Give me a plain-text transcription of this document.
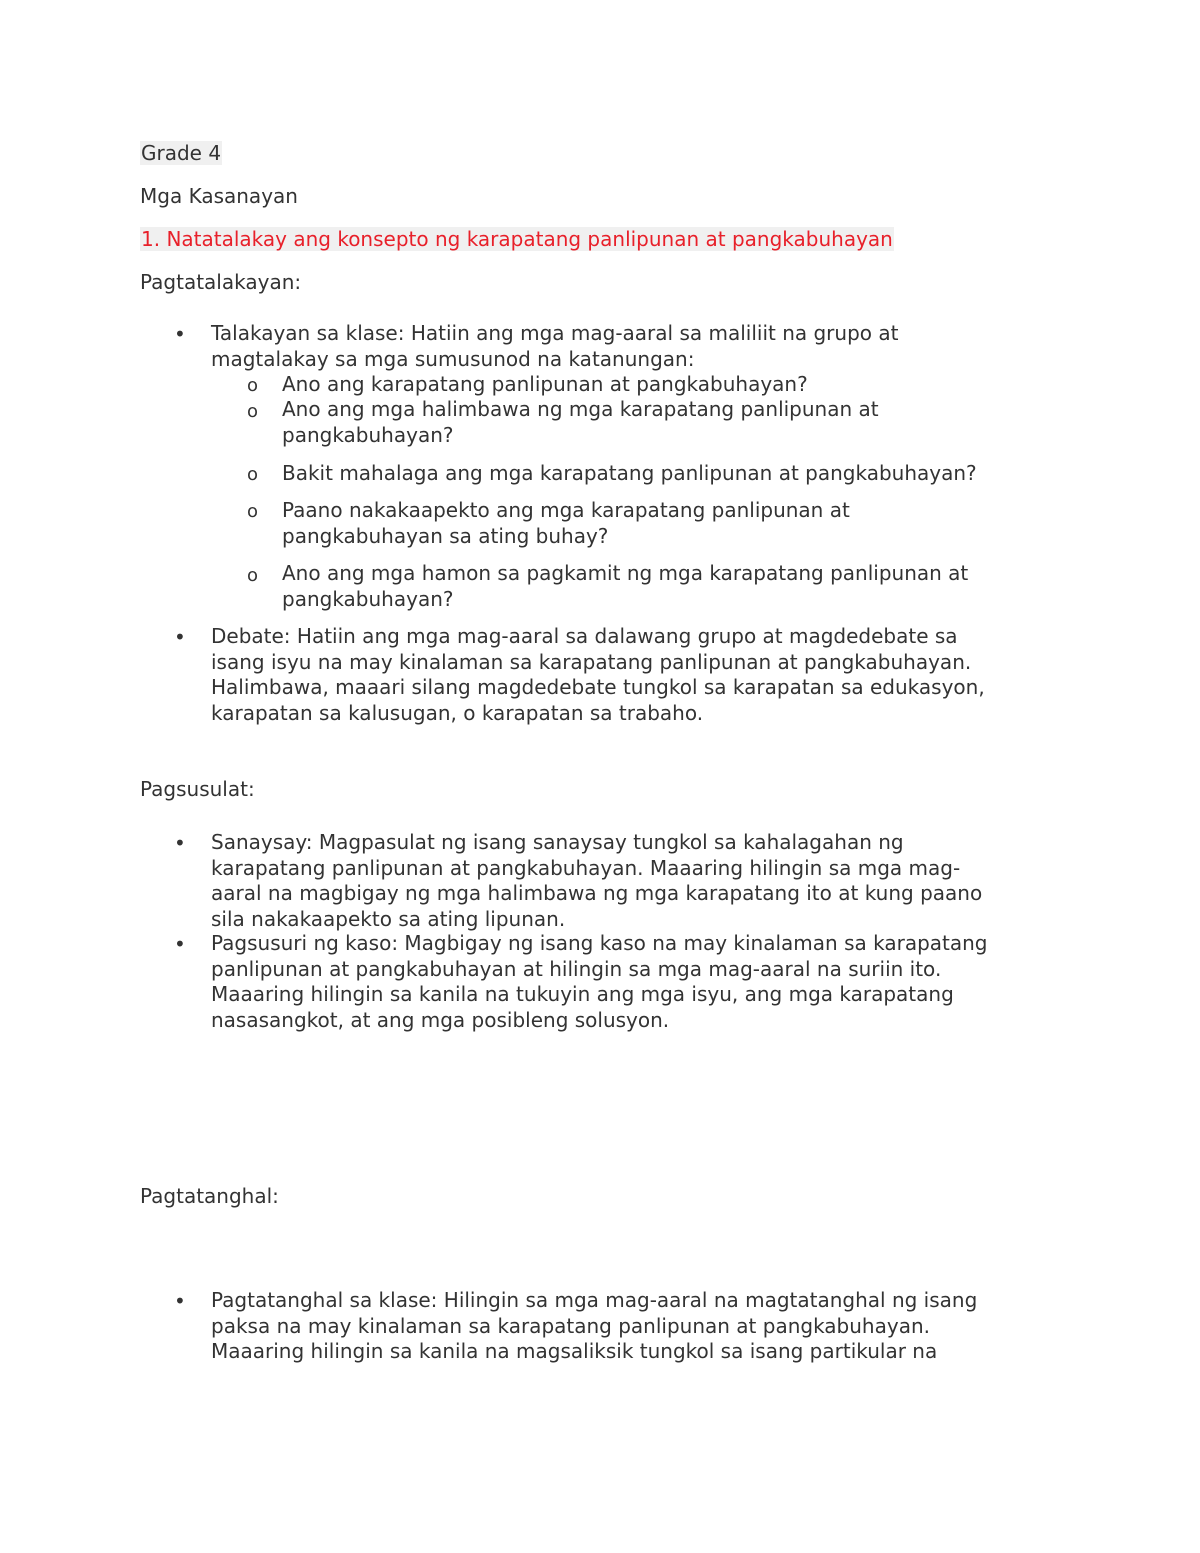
Grade 4

Mga Kasanayan

1. Natatalakay ang konsepto ng karapatang panlipunan at pangkabuhayan

Pagtatalakayan:

• Talakayan sa klase: Hatiin ang mga mag-aaral sa maliliit na grupo at
magtalakay sa mga sumusunod na katanungan:
o Ano ang karapatang panlipunan at pangkabuhayan?
o Ano ang mga halimbawa ng mga karapatang panlipunan at
pangkabuhayan?
o Bakit mahalaga ang mga karapatang panlipunan at pangkabuhayan?
o Paano nakakaapekto ang mga karapatang panlipunan at
pangkabuhayan sa ating buhay?
o Ano ang mga hamon sa pagkamit ng mga karapatang panlipunan at
pangkabuhayan?
• Debate: Hatiin ang mga mag-aaral sa dalawang grupo at magdedebate sa
isang isyu na may kinalaman sa karapatang panlipunan at pangkabuhayan.
Halimbawa, maaari silang magdedebate tungkol sa karapatan sa edukasyon,
karapatan sa kalusugan, o karapatan sa trabaho.

Pagsusulat:

• Sanaysay: Magpasulat ng isang sanaysay tungkol sa kahalagahan ng
karapatang panlipunan at pangkabuhayan. Maaaring hilingin sa mga mag-
aaral na magbigay ng mga halimbawa ng mga karapatang ito at kung paano
sila nakakaapekto sa ating lipunan.
• Pagsusuri ng kaso: Magbigay ng isang kaso na may kinalaman sa karapatang
panlipunan at pangkabuhayan at hilingin sa mga mag-aaral na suriin ito.
Maaaring hilingin sa kanila na tukuyin ang mga isyu, ang mga karapatang
nasasangkot, at ang mga posibleng solusyon.

Pagtatanghal:

• Pagtatanghal sa klase: Hilingin sa mga mag-aaral na magtatanghal ng isang
paksa na may kinalaman sa karapatang panlipunan at pangkabuhayan.
Maaaring hilingin sa kanila na magsaliksik tungkol sa isang partikular na
